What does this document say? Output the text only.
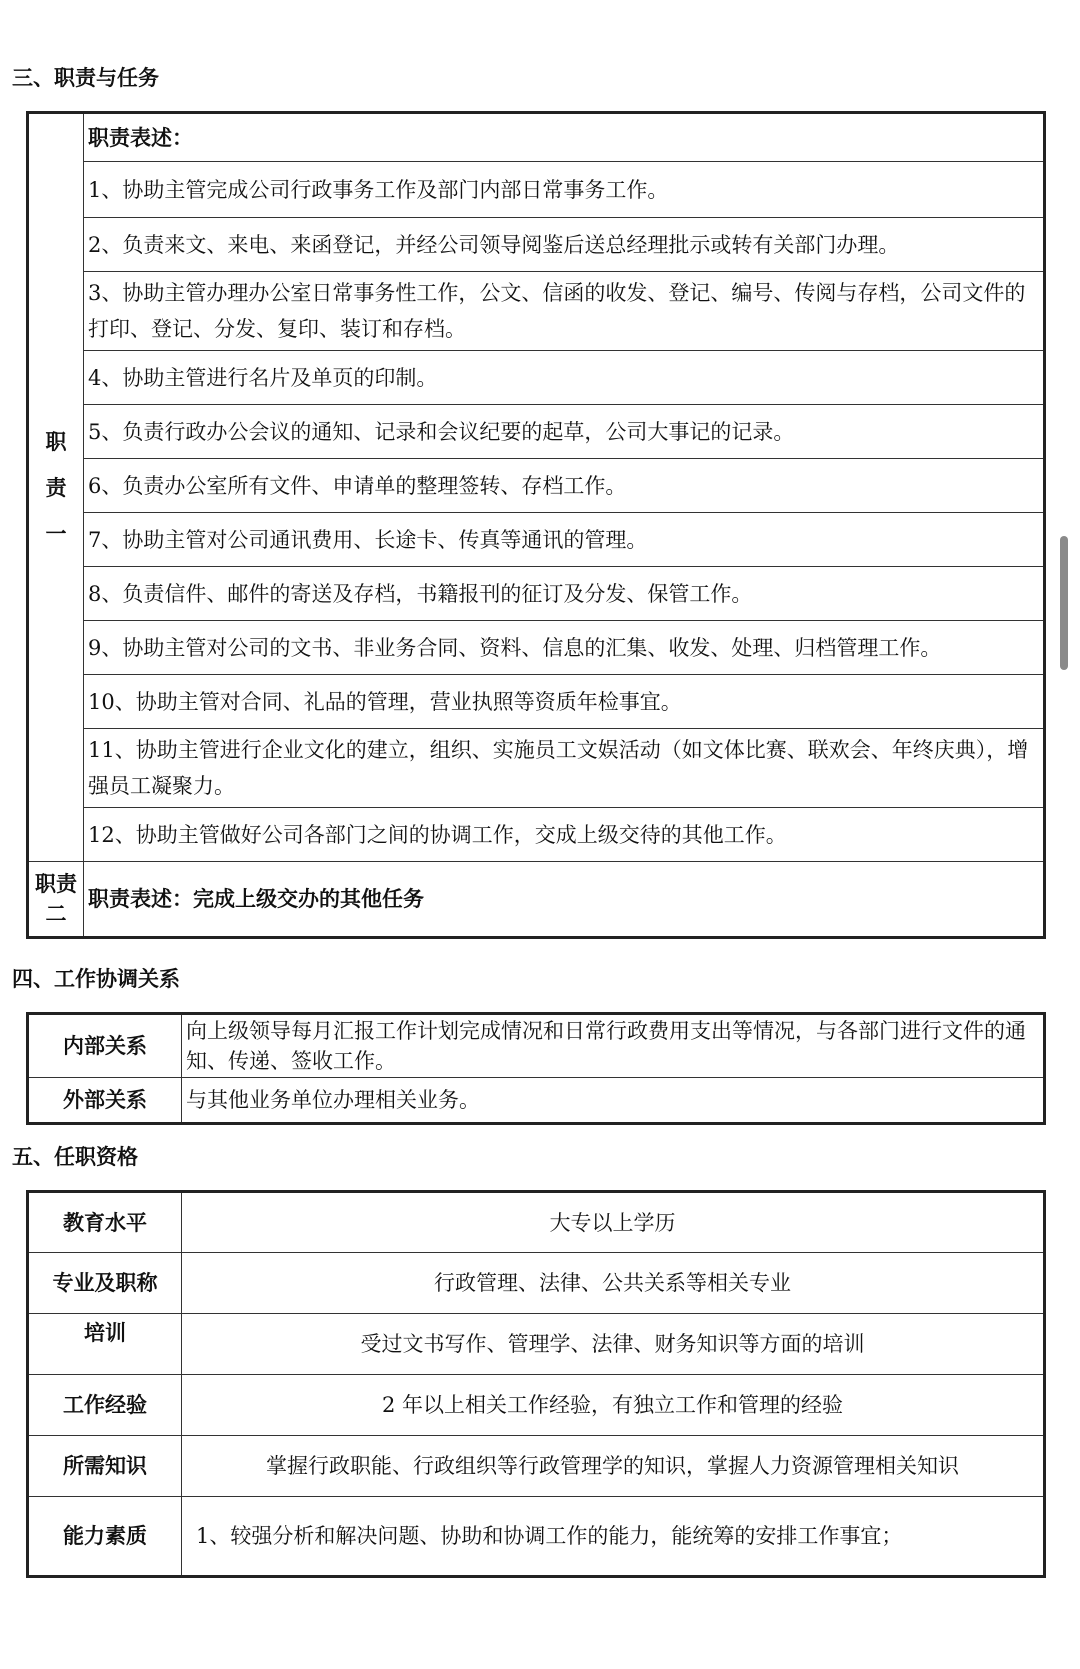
三、职责与任务
职
责
一	职责表述：
	1、协助主管完成公司行政事务工作及部门内部日常事务工作。
	2、负责来文、来电、来函登记，并经公司领导阅鉴后送总经理批示或转有关部门办理。
	3、协助主管办理办公室日常事务性工作，公文、信函的收发、登记、编号、传阅与存档，公司文件的打印、登记、分发、复印、装订和存档。
	4、协助主管进行名片及单页的印制。
	5、负责行政办公会议的通知、记录和会议纪要的起草，公司大事记的记录。
	6、负责办公室所有文件、申请单的整理签转、存档工作。
	7、协助主管对公司通讯费用、长途卡、传真等通讯的管理。
	8、负责信件、邮件的寄送及存档，书籍报刊的征订及分发、保管工作。
	9、协助主管对公司的文书、非业务合同、资料、信息的汇集、收发、处理、归档管理工作。
	10、协助主管对合同、礼品的管理，营业执照等资质年检事宜。
	11、协助主管进行企业文化的建立，组织、实施员工文娱活动（如文体比赛、联欢会、年终庆典），增强员工凝聚力。
	12、协助主管做好公司各部门之间的协调工作，交成上级交待的其他工作。

职责
二	职责表述：完成上级交办的其他任务
四、工作协调关系
内部关系	向上级领导每月汇报工作计划完成情况和日常行政费用支出等情况，与各部门进行文件的通知、传递、签收工作。
外部关系	与其他业务单位办理相关业务。
五、任职资格
教育水平	大专以上学历
专业及职称	行政管理、法律、公共关系等相关专业
培训	受过文书写作、管理学、法律、财务知识等方面的培训
工作经验	2 年以上相关工作经验，有独立工作和管理的经验
所需知识	掌握行政职能、行政组织等行政管理学的知识，掌握人力资源管理相关知识
能力素质	1、较强分析和解决问题、协助和协调工作的能力，能统筹的安排工作事宜；
